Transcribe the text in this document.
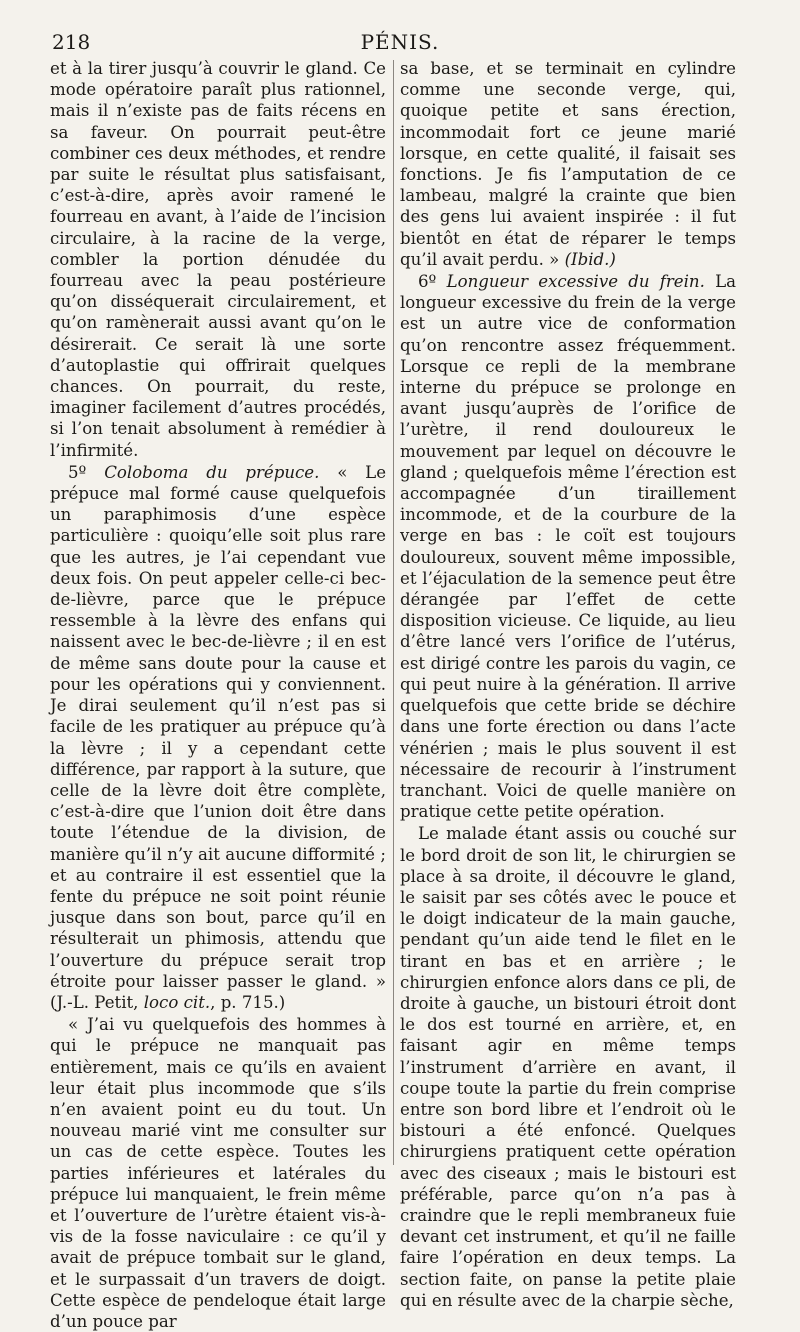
218	PÉNIS.

et à la tirer jusqu’à couvrir le gland. Ce mode opératoire paraît plus rationnel, mais il n’existe pas de faits récens en sa faveur. On pourrait peut-être combiner ces deux méthodes, et rendre par suite le résultat plus satisfaisant, c’est-à-dire, après avoir ramené le fourreau en avant, à l’aide de l’incision circulaire, à la racine de la verge, combler la portion dénudée du fourreau avec la peau postérieure qu’on disséquerait circulairement, et qu’on ramènerait aussi avant qu’on le désirerait. Ce serait là une sorte d’autoplastie qui offrirait quelques chances. On pourrait, du reste, imaginer facilement d’autres procédés, si l’on tenait absolument à remédier à l’infirmité.

5º Coloboma du prépuce. « Le prépuce mal formé cause quelquefois un paraphimosis d’une espèce particulière : quoiqu’elle soit plus rare que les autres, je l’ai cependant vue deux fois. On peut appeler celle-ci bec-de-lièvre, parce que le prépuce ressemble à la lèvre des enfans qui naissent avec le bec-de-lièvre ; il en est de même sans doute pour la cause et pour les opérations qui y conviennent. Je dirai seulement qu’il n’est pas si facile de les pratiquer au prépuce qu’à la lèvre ; il y a cependant cette différence, par rapport à la suture, que celle de la lèvre doit être complète, c’est-à-dire que l’union doit être dans toute l’étendue de la division, de manière qu’il n’y ait aucune difformité ; et au contraire il est essentiel que la fente du prépuce ne soit point réunie jusque dans son bout, parce qu’il en résulterait un phimosis, attendu que l’ouverture du prépuce serait trop étroite pour laisser passer le gland. » (J.-L. Petit, loco cit., p. 715.)

« J’ai vu quelquefois des hommes à qui le prépuce ne manquait pas entièrement, mais ce qu’ils en avaient leur était plus incommode que s’ils n’en avaient point eu du tout. Un nouveau marié vint me consulter sur un cas de cette espèce. Toutes les parties inférieures et latérales du prépuce lui manquaient, le frein même et l’ouverture de l’urètre étaient vis-à-vis de la fosse naviculaire : ce qu’il y avait de prépuce tombait sur le gland, et le surpassait d’un travers de doigt. Cette espèce de pendeloque était large d’un pouce par

sa base, et se terminait en cylindre comme une seconde verge, qui, quoique petite et sans érection, incommodait fort ce jeune marié lorsque, en cette qualité, il faisait ses fonctions. Je fis l’amputation de ce lambeau, malgré la crainte que bien des gens lui avaient inspirée : il fut bientôt en état de réparer le temps qu’il avait perdu. » (Ibid.)

6º Longueur excessive du frein. La longueur excessive du frein de la verge est un autre vice de conformation qu’on rencontre assez fréquemment. Lorsque ce repli de la membrane interne du prépuce se prolonge en avant jusqu’auprès de l’orifice de l’urètre, il rend douloureux le mouvement par lequel on découvre le gland ; quelquefois même l’érection est accompagnée d’un tiraillement incommode, et de la courbure de la verge en bas : le coït est toujours douloureux, souvent même impossible, et l’éjaculation de la semence peut être dérangée par l’effet de cette disposition vicieuse. Ce liquide, au lieu d’être lancé vers l’orifice de l’utérus, est dirigé contre les parois du vagin, ce qui peut nuire à la génération. Il arrive quelquefois que cette bride se déchire dans une forte érection ou dans l’acte vénérien ; mais le plus souvent il est nécessaire de recourir à l’instrument tranchant. Voici de quelle manière on pratique cette petite opération.

Le malade étant assis ou couché sur le bord droit de son lit, le chirurgien se place à sa droite, il découvre le gland, le saisit par ses côtés avec le pouce et le doigt indicateur de la main gauche, pendant qu’un aide tend le filet en le tirant en bas et en arrière ; le chirurgien enfonce alors dans ce pli, de droite à gauche, un bistouri étroit dont le dos est tourné en arrière, et, en faisant agir en même temps l’instrument d’arrière en avant, il coupe toute la partie du frein comprise entre son bord libre et l’endroit où le bistouri a été enfoncé. Quelques chirurgiens pratiquent cette opération avec des ciseaux ; mais le bistouri est préférable, parce qu’on n’a pas à craindre que le repli membraneux fuie devant cet instrument, et qu’il ne faille faire l’opération en deux temps. La section faite, on panse la petite plaie qui en résulte avec de la charpie sèche,
